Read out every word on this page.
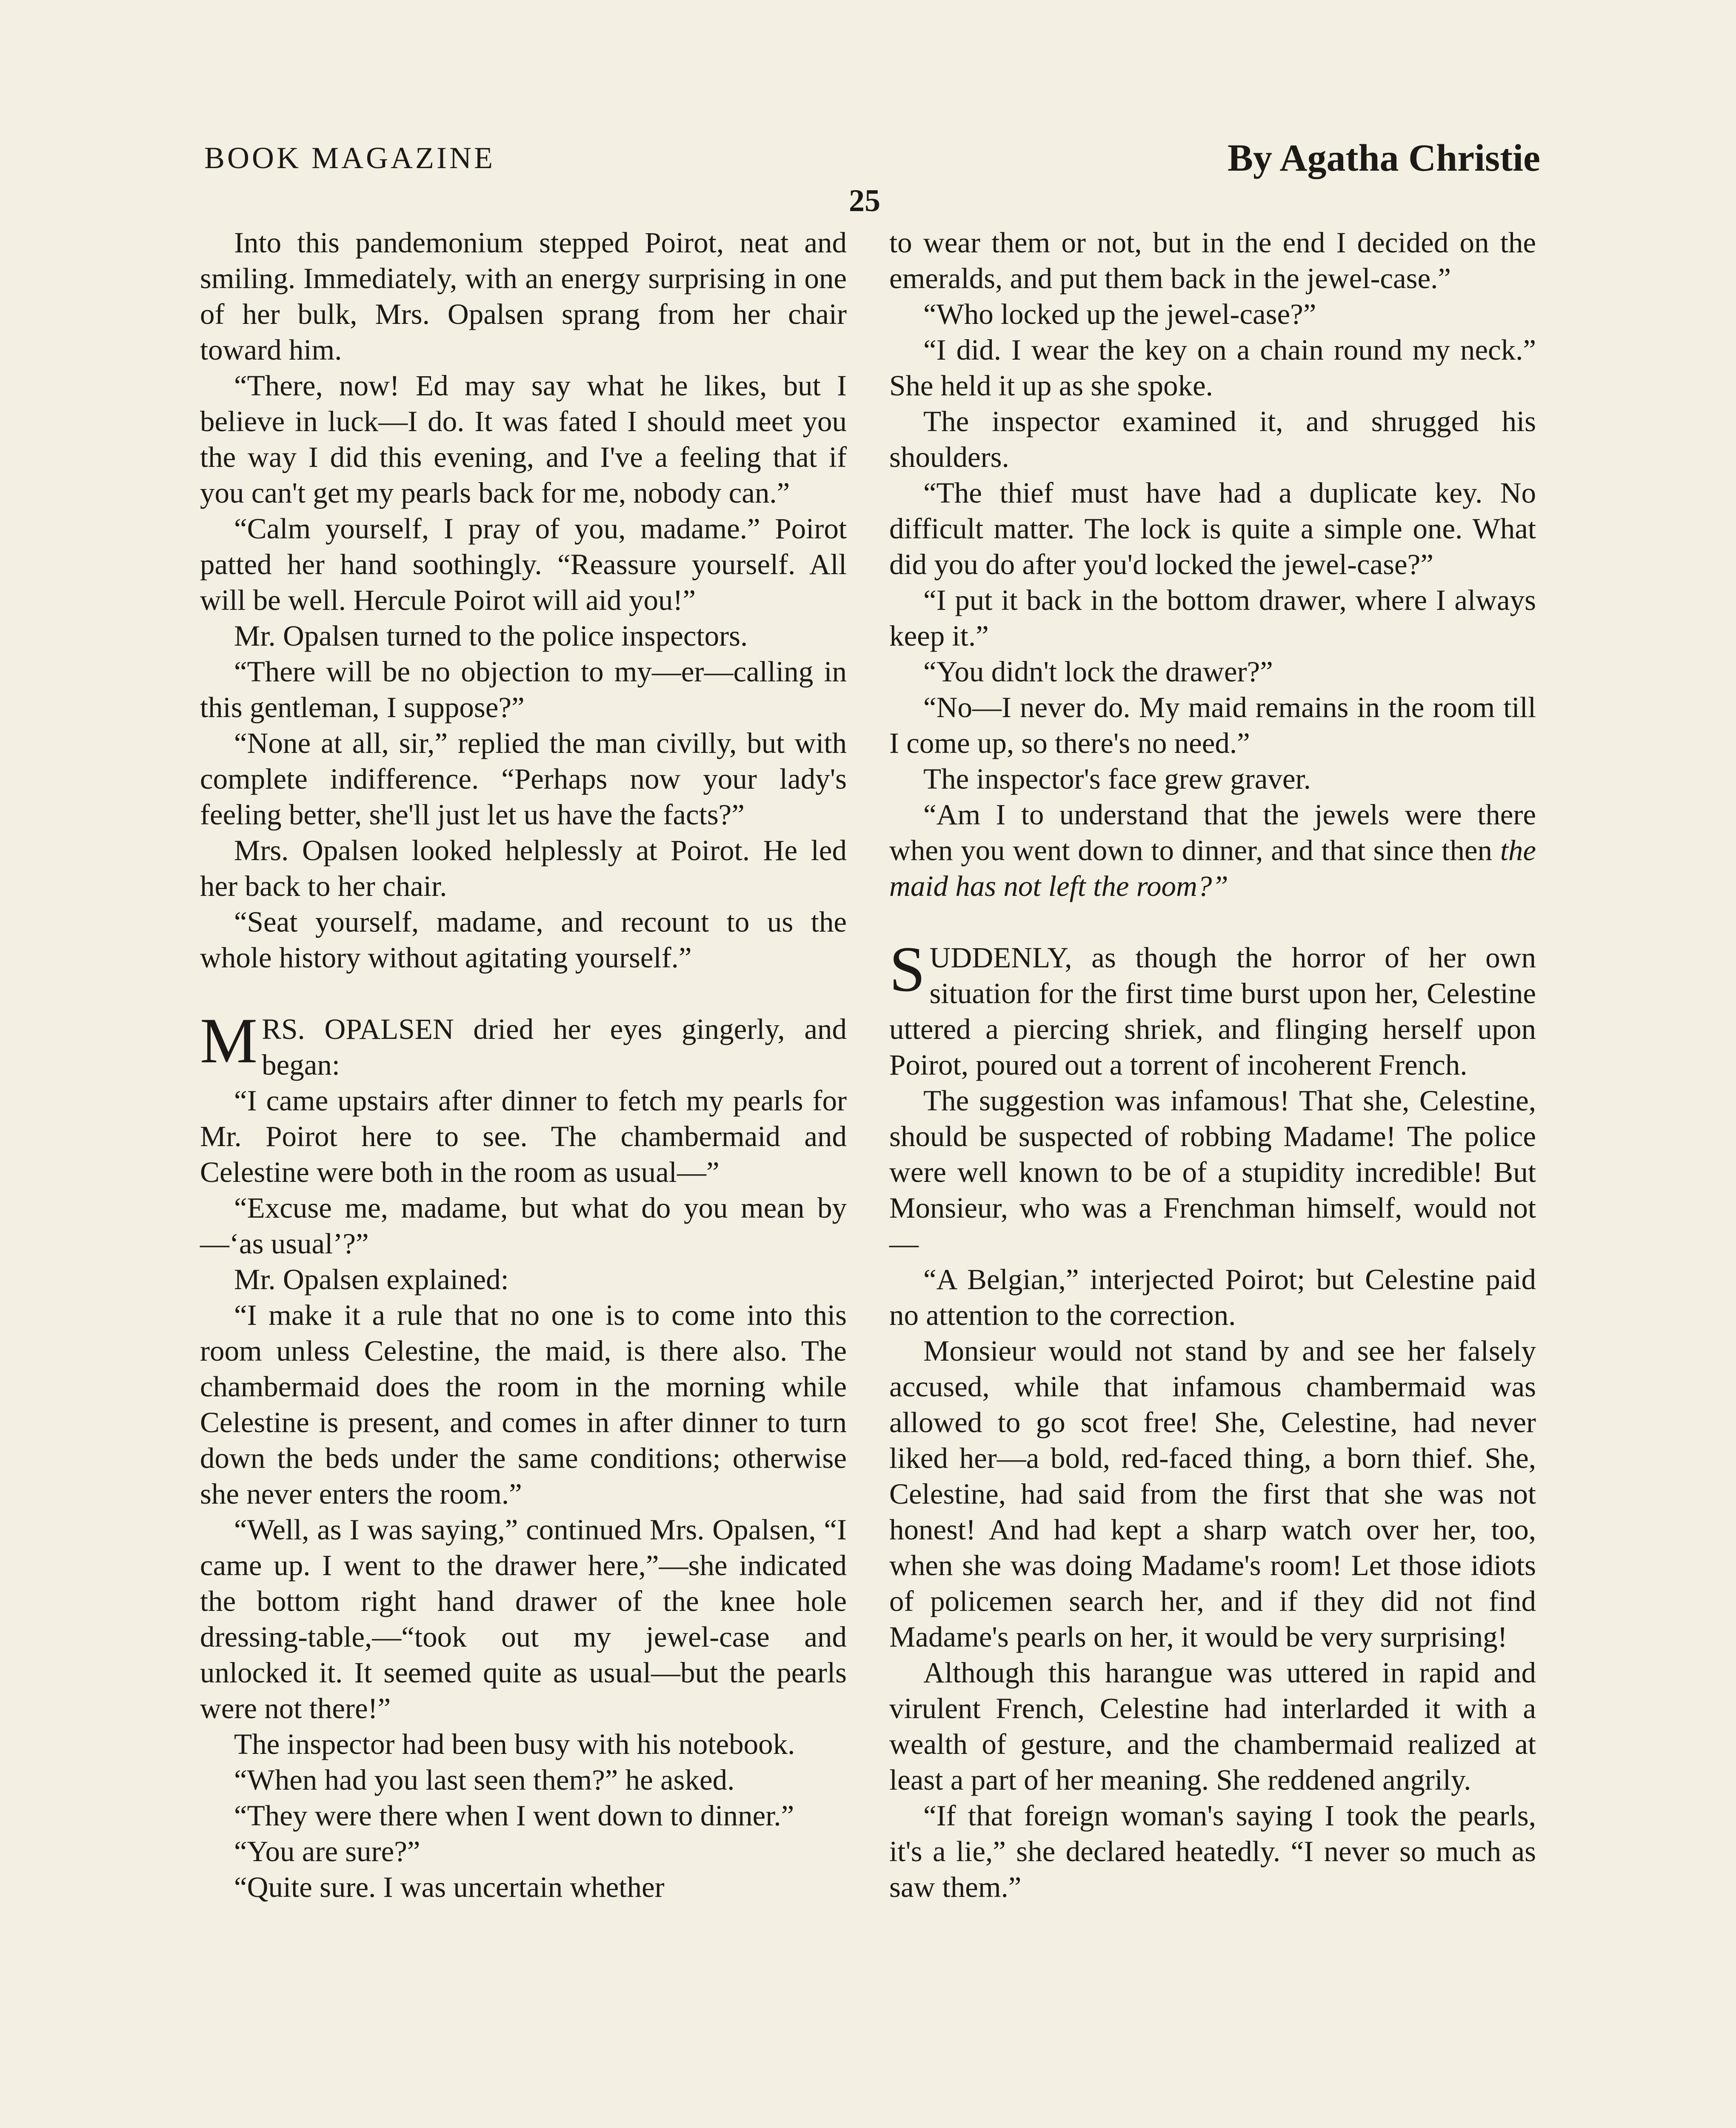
BOOK MAGAZINE	By Agatha Christie
25

Into this pandemonium stepped Poirot, neat and smiling. Immediately, with an energy surprising in one of her bulk, Mrs. Opalsen sprang from her chair toward him.

“There, now! Ed may say what he likes, but I believe in luck—I do. It was fated I should meet you the way I did this evening, and I've a feeling that if you can't get my pearls back for me, nobody can.”

“Calm yourself, I pray of you, madame.” Poirot patted her hand soothingly. “Reassure yourself. All will be well. Hercule Poirot will aid you!”

Mr. Opalsen turned to the police inspectors.

“There will be no objection to my—er—calling in this gentleman, I suppose?”

“None at all, sir,” replied the man civilly, but with complete indifference. “Perhaps now your lady's feeling better, she'll just let us have the facts?”

Mrs. Opalsen looked helplessly at Poirot. He led her back to her chair.

“Seat yourself, madame, and recount to us the whole history without agitating yourself.”

MRS. OPALSEN dried her eyes gingerly, and began:

“I came upstairs after dinner to fetch my pearls for Mr. Poirot here to see. The chambermaid and Celestine were both in the room as usual—”

“Excuse me, madame, but what do you mean by—‘as usual’?”

Mr. Opalsen explained:

“I make it a rule that no one is to come into this room unless Celestine, the maid, is there also. The chambermaid does the room in the morning while Celestine is present, and comes in after dinner to turn down the beds under the same conditions; otherwise she never enters the room.”

“Well, as I was saying,” continued Mrs. Opalsen, “I came up. I went to the drawer here,”—she indicated the bottom right hand drawer of the knee hole dressing-table,—“took out my jewel-case and unlocked it. It seemed quite as usual—but the pearls were not there!”

The inspector had been busy with his notebook.

“When had you last seen them?” he asked.

“They were there when I went down to dinner.”

“You are sure?”

“Quite sure. I was uncertain whether

to wear them or not, but in the end I decided on the emeralds, and put them back in the jewel-case.”

“Who locked up the jewel-case?”

“I did. I wear the key on a chain round my neck.” She held it up as she spoke.

The inspector examined it, and shrugged his shoulders.

“The thief must have had a duplicate key. No difficult matter. The lock is quite a simple one. What did you do after you'd locked the jewel-case?”

“I put it back in the bottom drawer, where I always keep it.”

“You didn't lock the drawer?”

“No—I never do. My maid remains in the room till I come up, so there's no need.”

The inspector's face grew graver.

“Am I to understand that the jewels were there when you went down to dinner, and that since then the maid has not left the room?”

SUDDENLY, as though the horror of her own situation for the first time burst upon her, Celestine uttered a piercing shriek, and flinging herself upon Poirot, poured out a torrent of incoherent French.

The suggestion was infamous! That she, Celestine, should be suspected of robbing Madame! The police were well known to be of a stupidity incredible! But Monsieur, who was a Frenchman himself, would not—

“A Belgian,” interjected Poirot; but Celestine paid no attention to the correction.

Monsieur would not stand by and see her falsely accused, while that infamous chambermaid was allowed to go scot free! She, Celestine, had never liked her—a bold, red-faced thing, a born thief. She, Celestine, had said from the first that she was not honest! And had kept a sharp watch over her, too, when she was doing Madame's room! Let those idiots of policemen search her, and if they did not find Madame's pearls on her, it would be very surprising!

Although this harangue was uttered in rapid and virulent French, Celestine had interlarded it with a wealth of gesture, and the chambermaid realized at least a part of her meaning. She reddened angrily.

“If that foreign woman's saying I took the pearls, it's a lie,” she declared heatedly. “I never so much as saw them.”
